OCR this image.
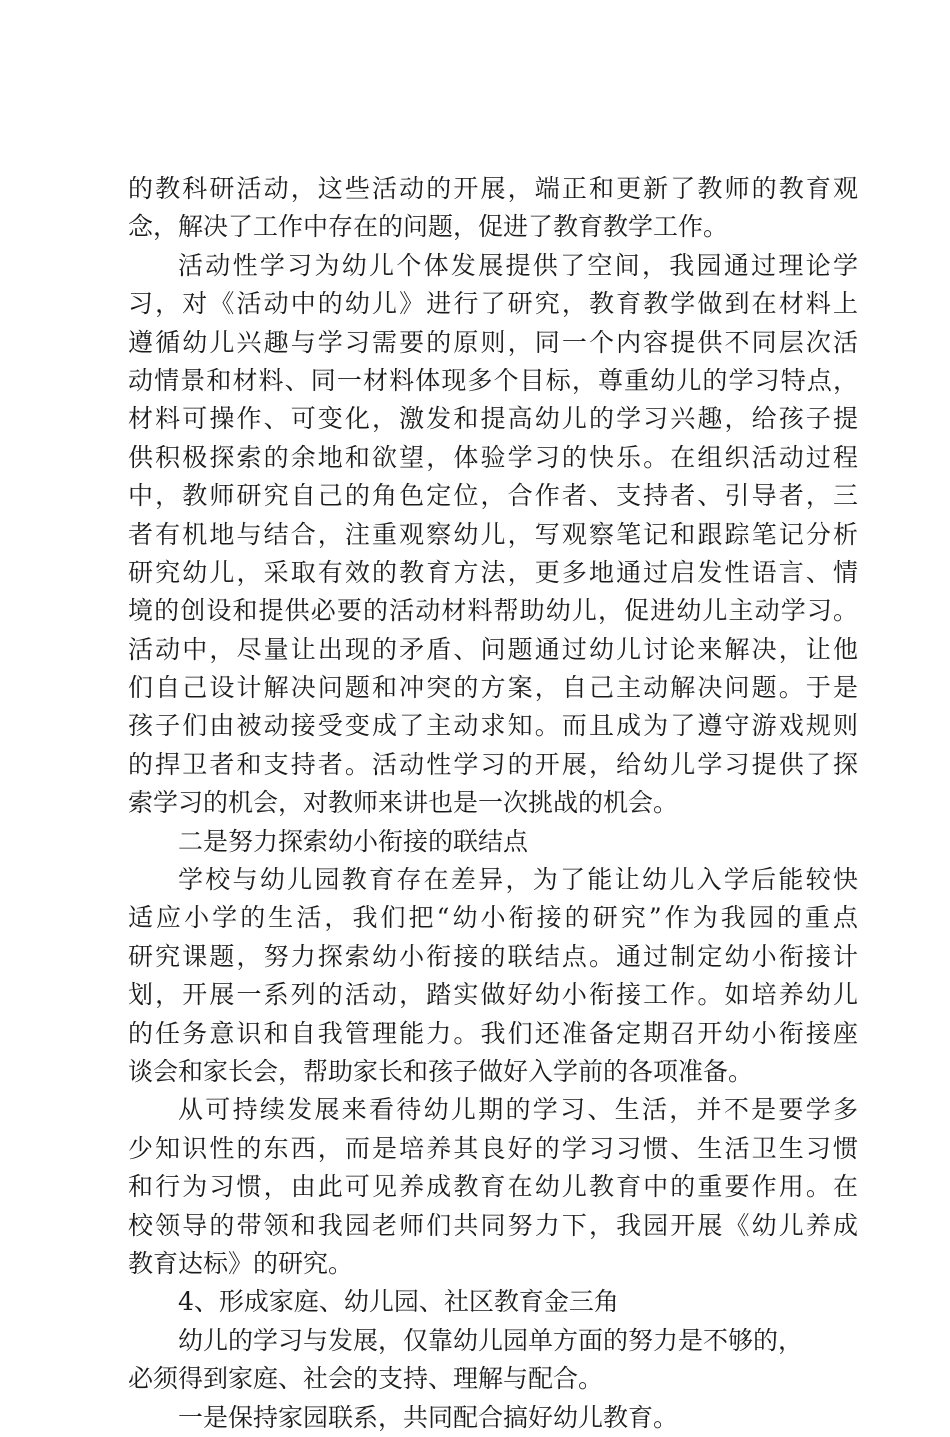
的教科研活动，这些活动的开展，端正和更新了教师的教育观
念，解决了工作中存在的问题，促进了教育教学工作。
活动性学习为幼儿个体发展提供了空间，我园通过理论学
习，对《活动中的幼儿》进行了研究，教育教学做到在材料上
遵循幼儿兴趣与学习需要的原则，同一个内容提供不同层次活
动情景和材料、同一材料体现多个目标，尊重幼儿的学习特点，
材料可操作、可变化，激发和提高幼儿的学习兴趣，给孩子提
供积极探索的余地和欲望，体验学习的快乐。在组织活动过程
中，教师研究自己的角色定位，合作者、支持者、引导者，三
者有机地与结合，注重观察幼儿，写观察笔记和跟踪笔记分析
研究幼儿，采取有效的教育方法，更多地通过启发性语言、情
境的创设和提供必要的活动材料帮助幼儿，促进幼儿主动学习。
活动中，尽量让出现的矛盾、问题通过幼儿讨论来解决，让他
们自己设计解决问题和冲突的方案，自己主动解决问题。于是
孩子们由被动接受变成了主动求知。而且成为了遵守游戏规则
的捍卫者和支持者。活动性学习的开展，给幼儿学习提供了探
索学习的机会，对教师来讲也是一次挑战的机会。
二是努力探索幼小衔接的联结点
学校与幼儿园教育存在差异，为了能让幼儿入学后能较快
适应小学的生活，我们把“幼小衔接的研究”作为我园的重点
研究课题，努力探索幼小衔接的联结点。通过制定幼小衔接计
划，开展一系列的活动，踏实做好幼小衔接工作。如培养幼儿
的任务意识和自我管理能力。我们还准备定期召开幼小衔接座
谈会和家长会，帮助家长和孩子做好入学前的各项准备。
从可持续发展来看待幼儿期的学习、生活，并不是要学多
少知识性的东西，而是培养其良好的学习习惯、生活卫生习惯
和行为习惯，由此可见养成教育在幼儿教育中的重要作用。在
校领导的带领和我园老师们共同努力下，我园开展《幼儿养成
教育达标》的研究。
4、形成家庭、幼儿园、社区教育金三角
幼儿的学习与发展，仅靠幼儿园单方面的努力是不够的，
必须得到家庭、社会的支持、理解与配合。
一是保持家园联系，共同配合搞好幼儿教育。
